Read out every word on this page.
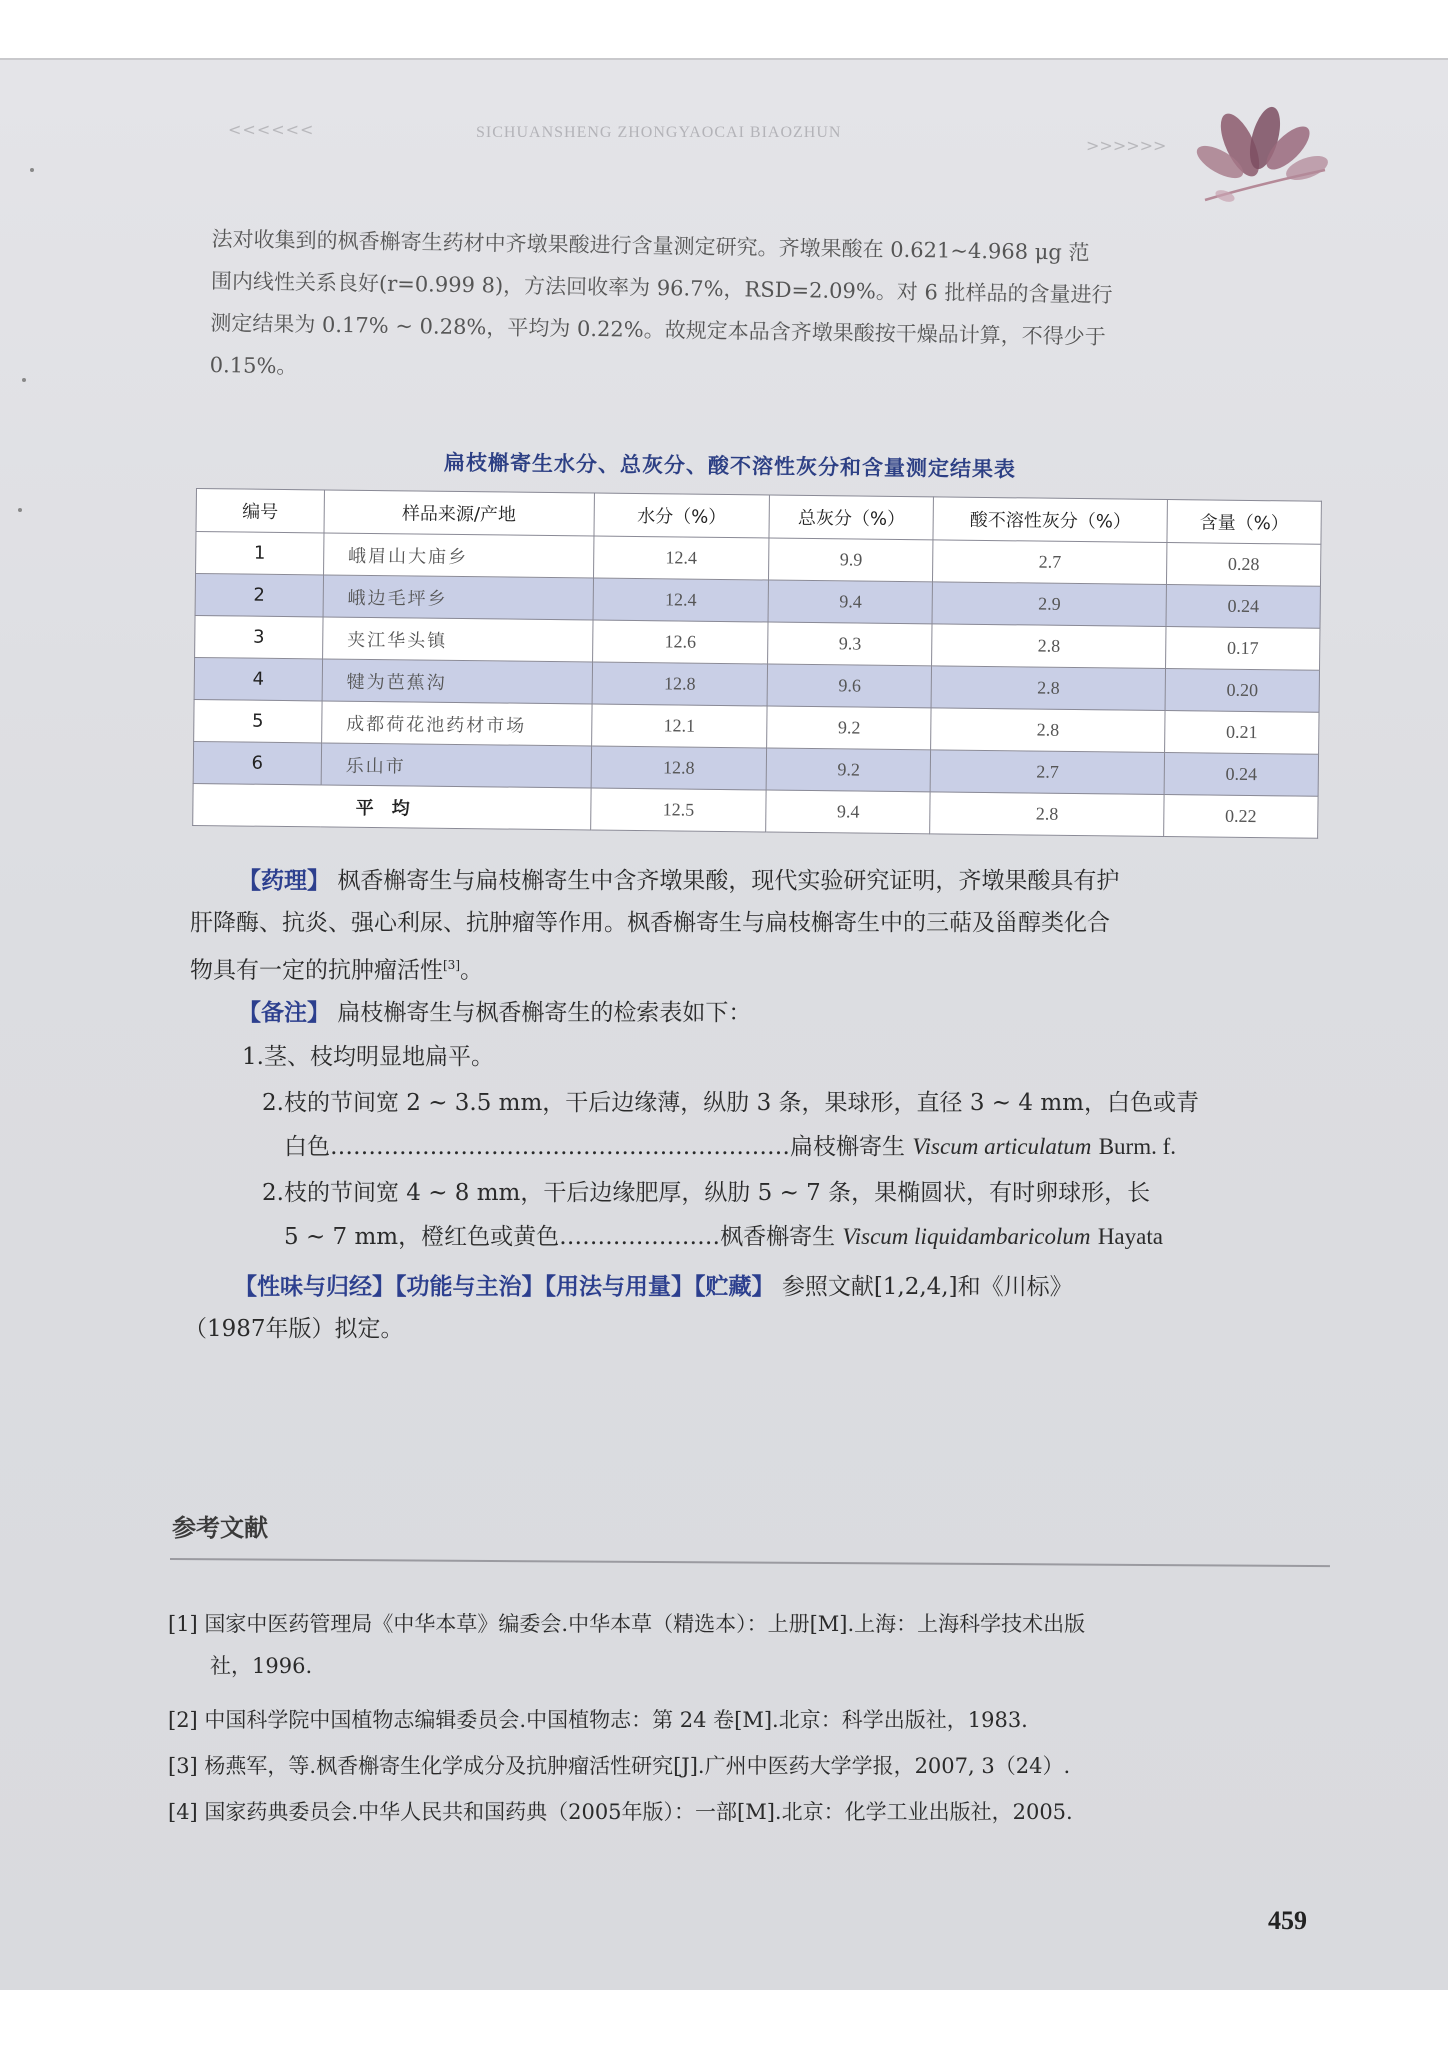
<<<<<<	SICHUANSHENG ZHONGYAOCAI BIAOZHUN
>>>>>>
法对收集到的枫香槲寄生药材中齐墩果酸进行含量测定研究。齐墩果酸在 0.621~4.968 μg 范
围内线性关系良好(r=0.999 8)，方法回收率为 96.7%，RSD=2.09%。对 6 批样品的含量进行
测定结果为 0.17% ~ 0.28%，平均为 0.22%。故规定本品含齐墩果酸按干燥品计算，不得少于
0.15%。
扁枝槲寄生水分、总灰分、酸不溶性灰分和含量测定结果表
编号	样品来源/产地	水分（%）	总灰分（%）	酸不溶性灰分（%）	含量（%）
1	峨眉山大庙乡	12.4	9.9	2.7	0.28
2	峨边毛坪乡	12.4	9.4	2.9	0.24
3	夹江华头镇	12.6	9.3	2.8	0.17
4	犍为芭蕉沟	12.8	9.6	2.8	0.20
5	成都荷花池药材市场	12.1	9.2	2.8	0.21
6	乐山市	12.8	9.2	2.7	0.24
平均		12.5	9.4	2.8	0.22
【药理】 枫香槲寄生与扁枝槲寄生中含齐墩果酸，现代实验研究证明，齐墩果酸具有护
肝降酶、抗炎、强心利尿、抗肿瘤等作用。枫香槲寄生与扁枝槲寄生中的三萜及甾醇类化合
物具有一定的抗肿瘤活性[3]。
【备注】 扁枝槲寄生与枫香槲寄生的检索表如下：
1.茎、枝均明显地扁平。
2.枝的节间宽 2 ~ 3.5 mm，干后边缘薄，纵肋 3 条，果球形，直径 3 ~ 4 mm，白色或青
白色……………………………………………………扁枝槲寄生 Viscum articulatum Burm. f.
2.枝的节间宽 4 ~ 8 mm，干后边缘肥厚，纵肋 5 ~ 7 条，果椭圆状，有时卵球形，长
5 ~ 7 mm，橙红色或黄色…………………枫香槲寄生 Viscum liquidambaricolum Hayata
【性味与归经】【功能与主治】【用法与用量】【贮藏】 参照文献[1,2,4,]和《川标》
（1987年版）拟定。
参考文献
[1] 国家中医药管理局《中华本草》编委会.中华本草（精选本）：上册[M].上海：上海科学技术出版
社，1996.
[2] 中国科学院中国植物志编辑委员会.中国植物志：第 24 卷[M].北京：科学出版社，1983.
[3] 杨燕军，等.枫香槲寄生化学成分及抗肿瘤活性研究[J].广州中医药大学学报，2007, 3（24）.
[4] 国家药典委员会.中华人民共和国药典（2005年版）：一部[M].北京：化学工业出版社，2005.
459
